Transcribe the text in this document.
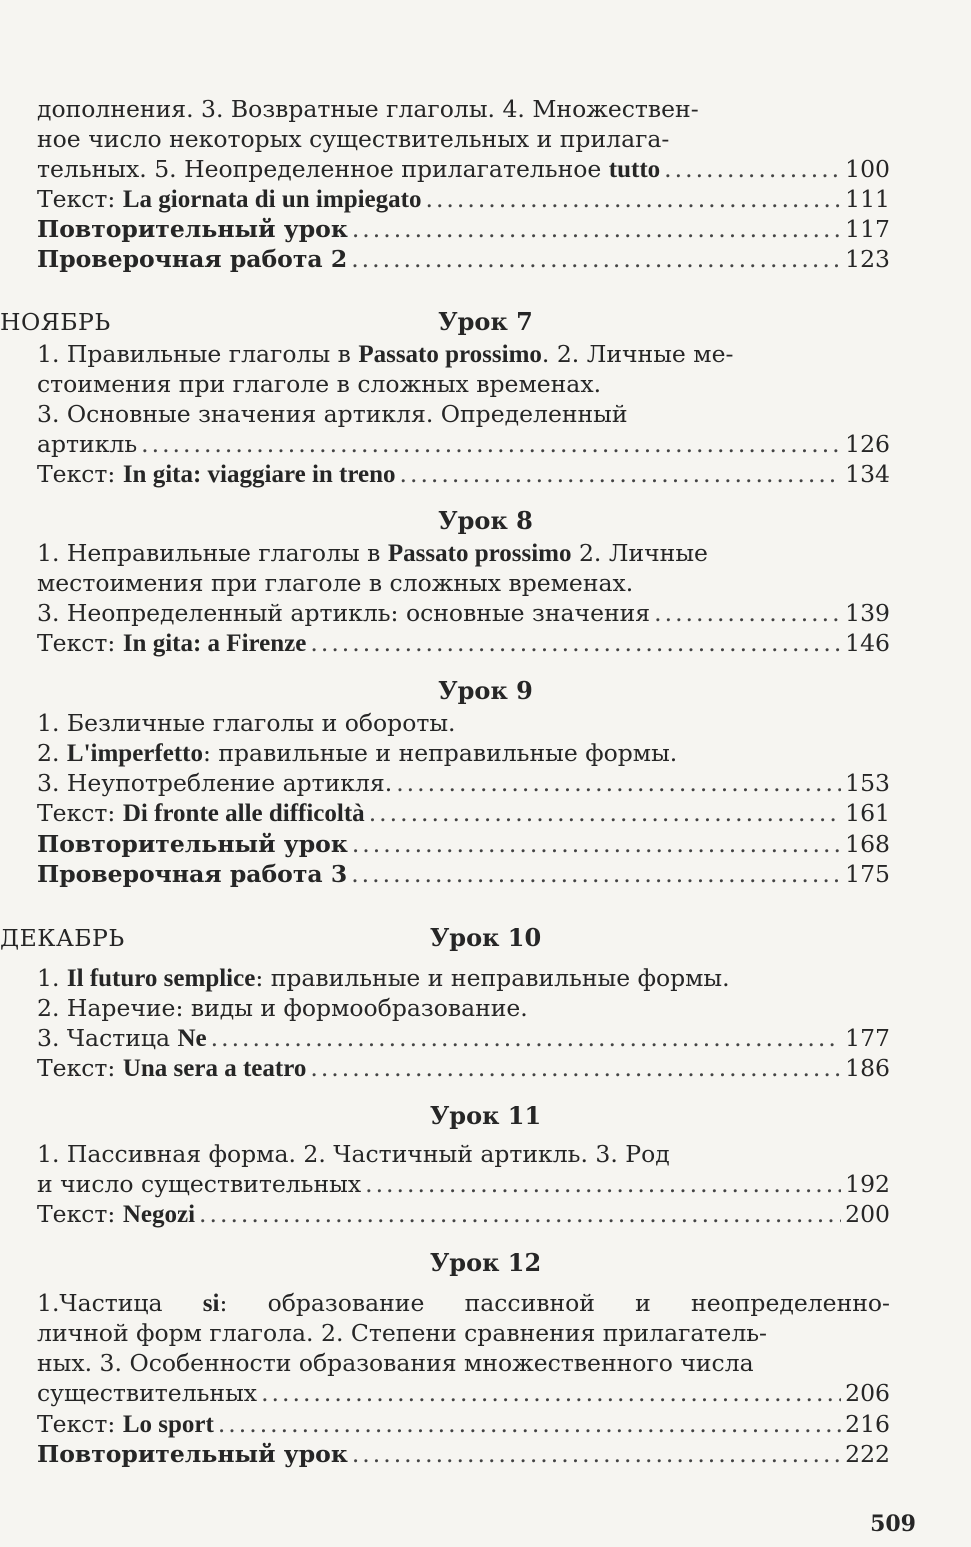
дополнения. 3. Возвратные глаголы. 4. Множествен-
ное число некоторых существительных и прилага-
тельных. 5. Неопределенное прилагательное tutto .....	100
Текст: La giornata di un impiegato .....	111
Повторительный урок .....	117
Проверочная работа 2 .....	123
НОЯБРЬ	Урок 7
1. Правильные глаголы в Passato prossimo. 2. Личные ме-
стоимения при глаголе в сложных временах.
3. Основные значения артикля. Определенный
артикль .....	126
Текст: In gita: viaggiare in treno .....	134
Урок 8
1. Неправильные глаголы в Passato prossimo 2. Личные
местоимения при глаголе в сложных временах.
3. Неопределенный артикль: основные значения .....	139
Текст: In gita: a Firenze .....	146
Урок 9
1. Безличные глаголы и обороты.
2. L'imperfetto: правильные и неправильные формы.
3. Неупотребление артикля. .....	153
Текст: Di fronte alle difficoltà .....	161
Повторительный урок .....	168
Проверочная работа 3 .....	175
ДЕКАБРЬ	Урок 10
1. Il futuro semplice: правильные и неправильные формы.
2. Наречие: виды и формообразование.
3. Частица Ne .....	177
Текст: Una sera a teatro .....	186
Урок 11
1. Пассивная форма. 2. Частичный артикль. 3. Род
и число существительных .....	192
Текст: Negozi .....	200
Урок 12
1.Частица si: образование пассивной и неопределенно-
личной форм глагола. 2. Степени сравнения прилагатель-
ных. 3. Особенности образования множественного числа
существительных .....	206
Текст: Lo sport .....	216
Повторительный урок .....	222
509
